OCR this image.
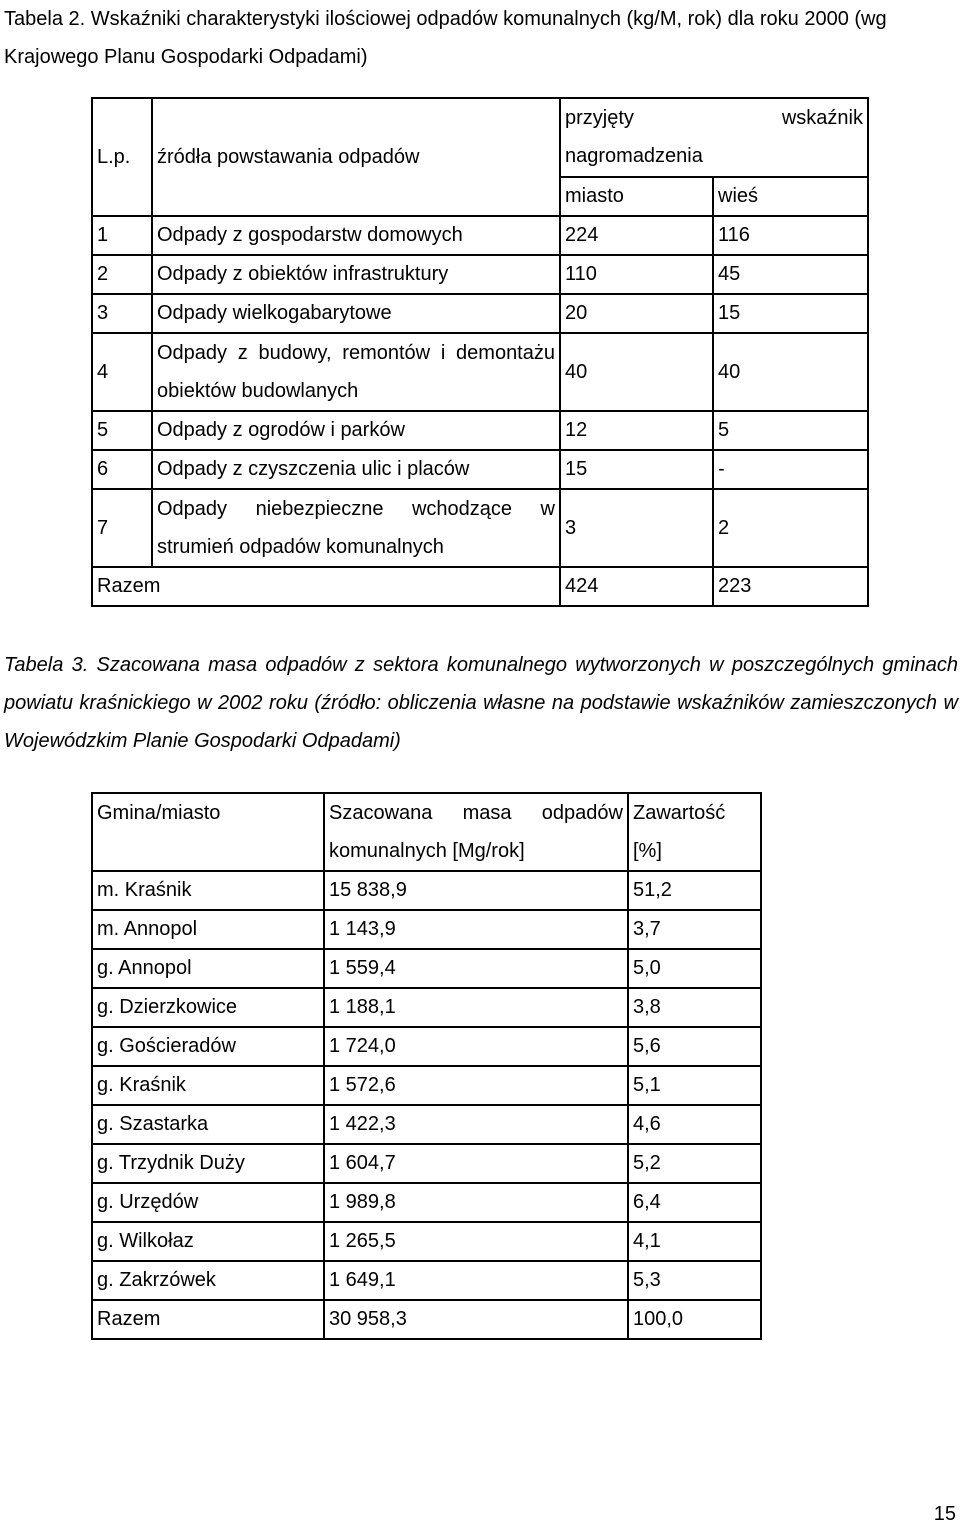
Tabela 2. Wskaźniki charakterystyki ilościowej odpadów komunalnych (kg/M, rok) dla roku 2000 (wg Krajowego Planu Gospodarki Odpadami)
L.p.	źródła powstawania odpadów	przyjęty wskaźnik
nagromadzenia	

		miasto	wieś
1	Odpady z gospodarstw domowych	224	116
2	Odpady z obiektów infrastruktury	110	45
3	Odpady wielkogabarytowe	20	15
4	Odpady z budowy, remontów i demontażu obiektów budowlanych	40	40
5	Odpady z ogrodów i parków	12	5
6	Odpady z czyszczenia ulic i placów	15	-
7	Odpady niebezpieczne wchodzące w strumień odpadów komunalnych	3	2
Razem		424	223
Tabela 3. Szacowana masa odpadów z sektora komunalnego wytworzonych w poszczególnych gminach powiatu kraśnickiego w 2002 roku (źródło: obliczenia własne na podstawie wskaźników zamieszczonych w Wojewódzkim Planie Gospodarki Odpadami)
Gmina/miasto	Szacowana masa odpadów komunalnych [Mg/rok]	Zawartość [%]
m. Kraśnik	15 838,9	51,2
m. Annopol	1 143,9	3,7
g. Annopol	1 559,4	5,0
g. Dzierzkowice	1 188,1	3,8
g. Gościeradów	1 724,0	5,6
g. Kraśnik	1 572,6	5,1
g. Szastarka	1 422,3	4,6
g. Trzydnik Duży	1 604,7	5,2
g. Urzędów	1 989,8	6,4
g. Wilkołaz	1 265,5	4,1
g. Zakrzówek	1 649,1	5,3
Razem	30 958,3	100,0
15
